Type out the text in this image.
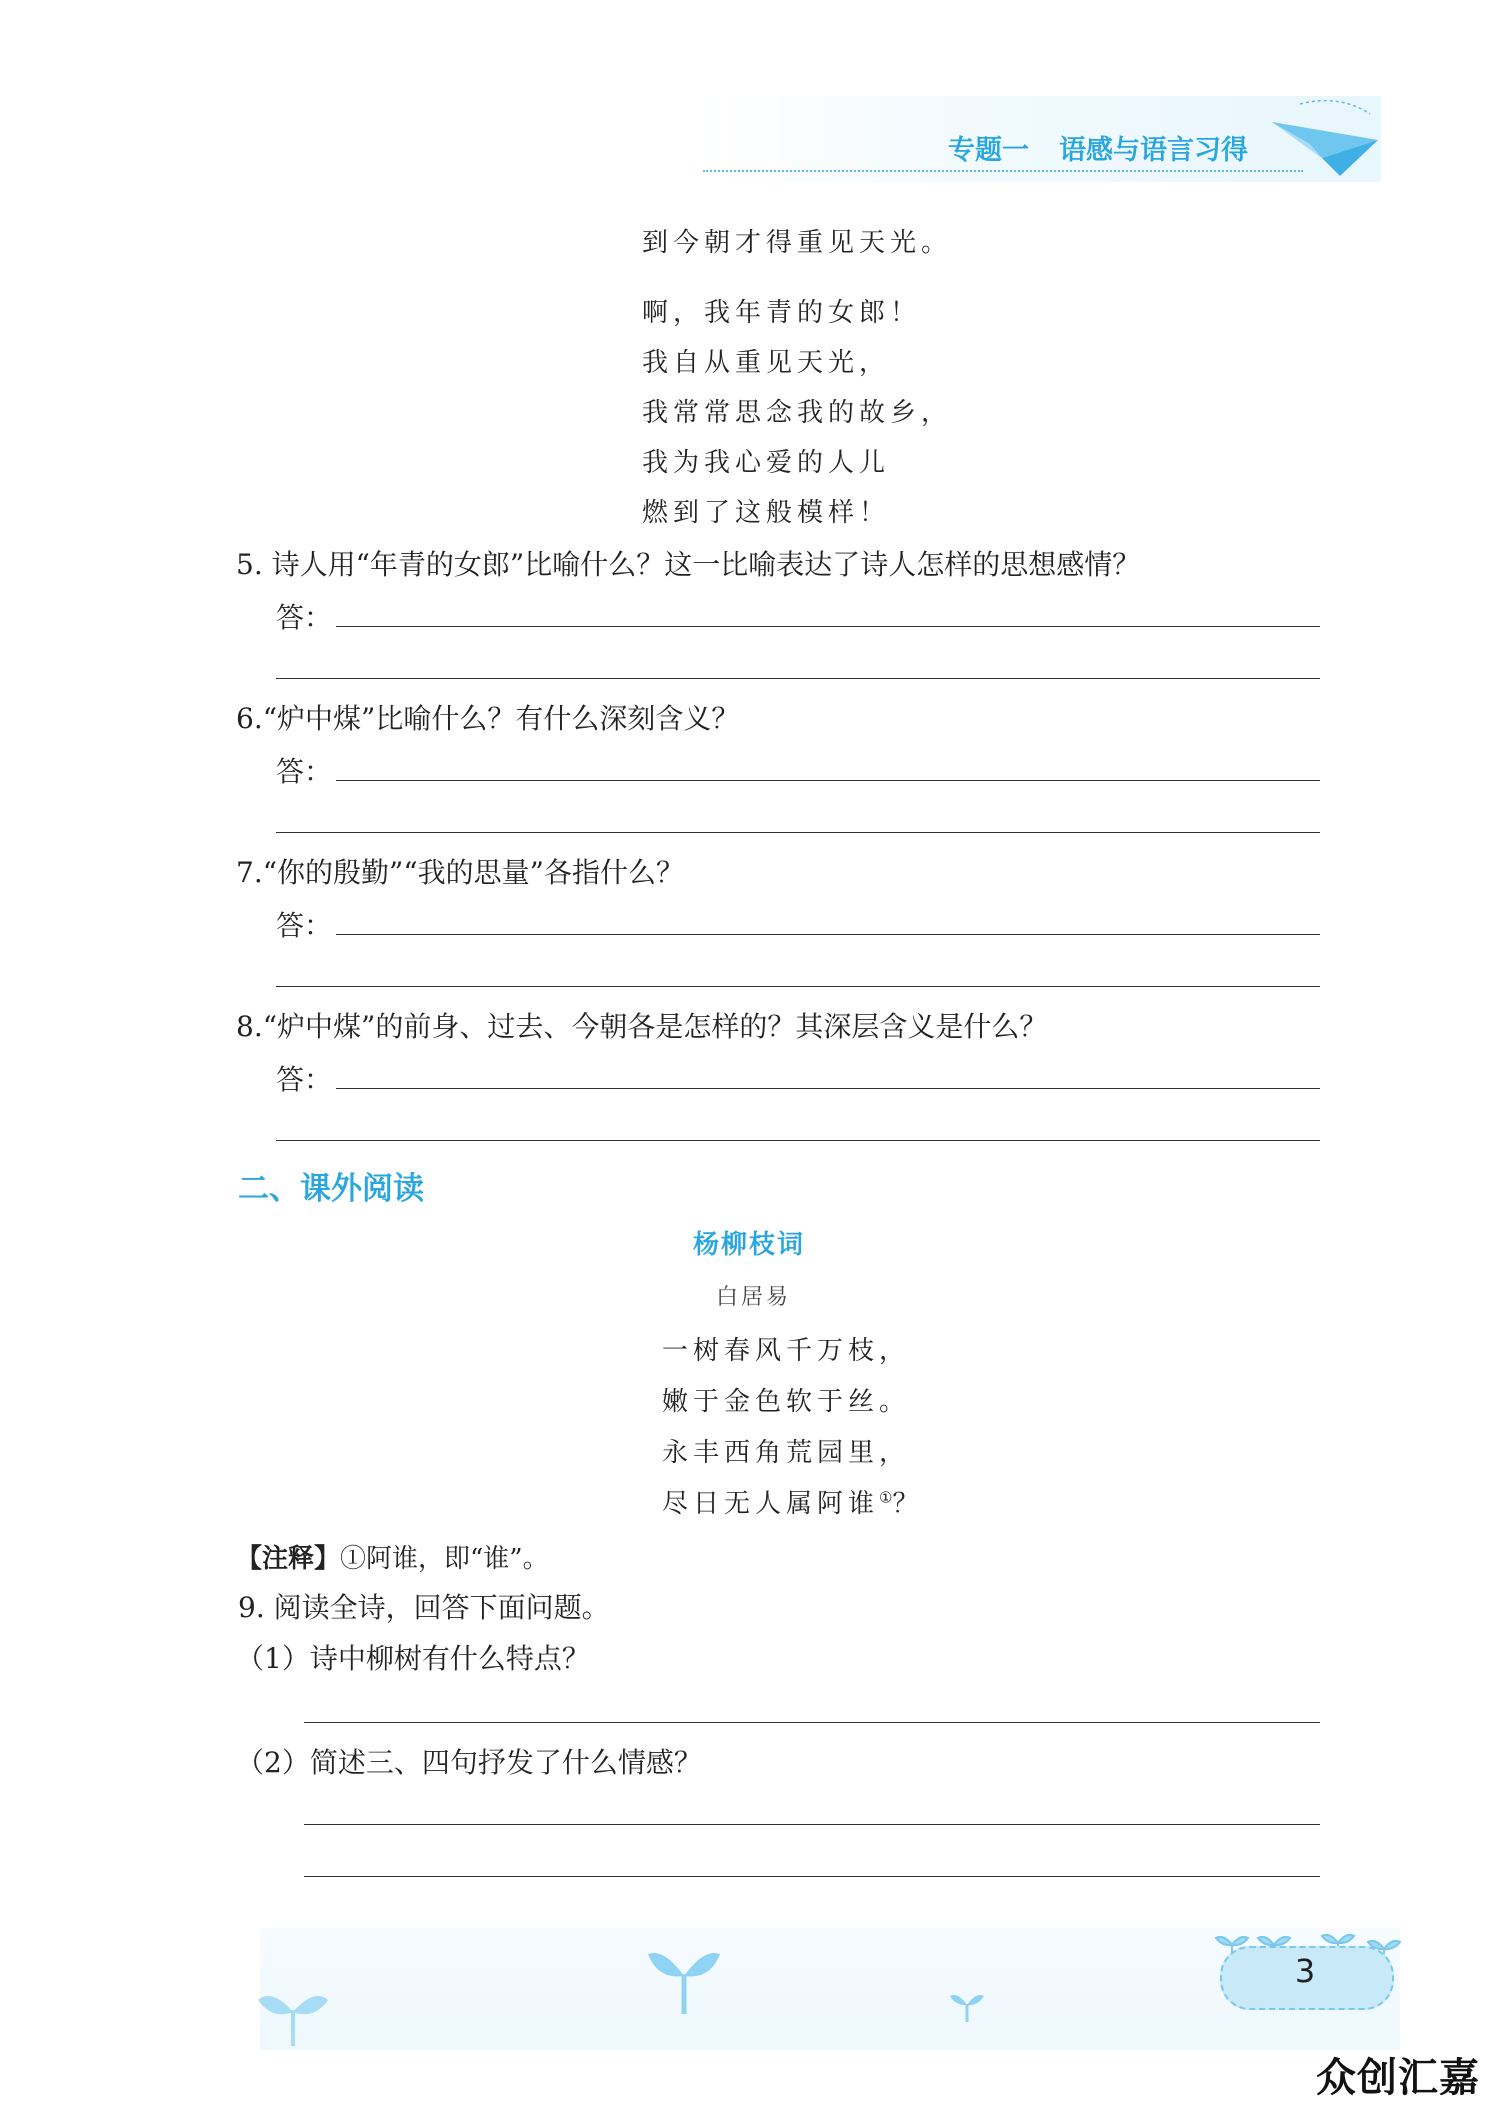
专题一 语感与语言习得
到今朝才得重见天光。
啊，我年青的女郎！
我自从重见天光，
我常常思念我的故乡，
我为我心爱的人儿
燃到了这般模样！
5. 诗人用“年青的女郎”比喻什么？这一比喻表达了诗人怎样的思想感情？
答：
6.“炉中煤”比喻什么？有什么深刻含义？
答：
7.“你的殷勤”“我的思量”各指什么？
答：
8.“炉中煤”的前身、过去、今朝各是怎样的？其深层含义是什么？
答：
二、课外阅读
杨柳枝词
白居易
一树春风千万枝，
嫩于金色软于丝。
永丰西角荒园里，
尽日无人属阿谁①？
【注释】①阿谁，即“谁”。
9. 阅读全诗，回答下面问题。
（1）诗中柳树有什么特点？
（2）简述三、四句抒发了什么情感？
3
众创汇嘉
